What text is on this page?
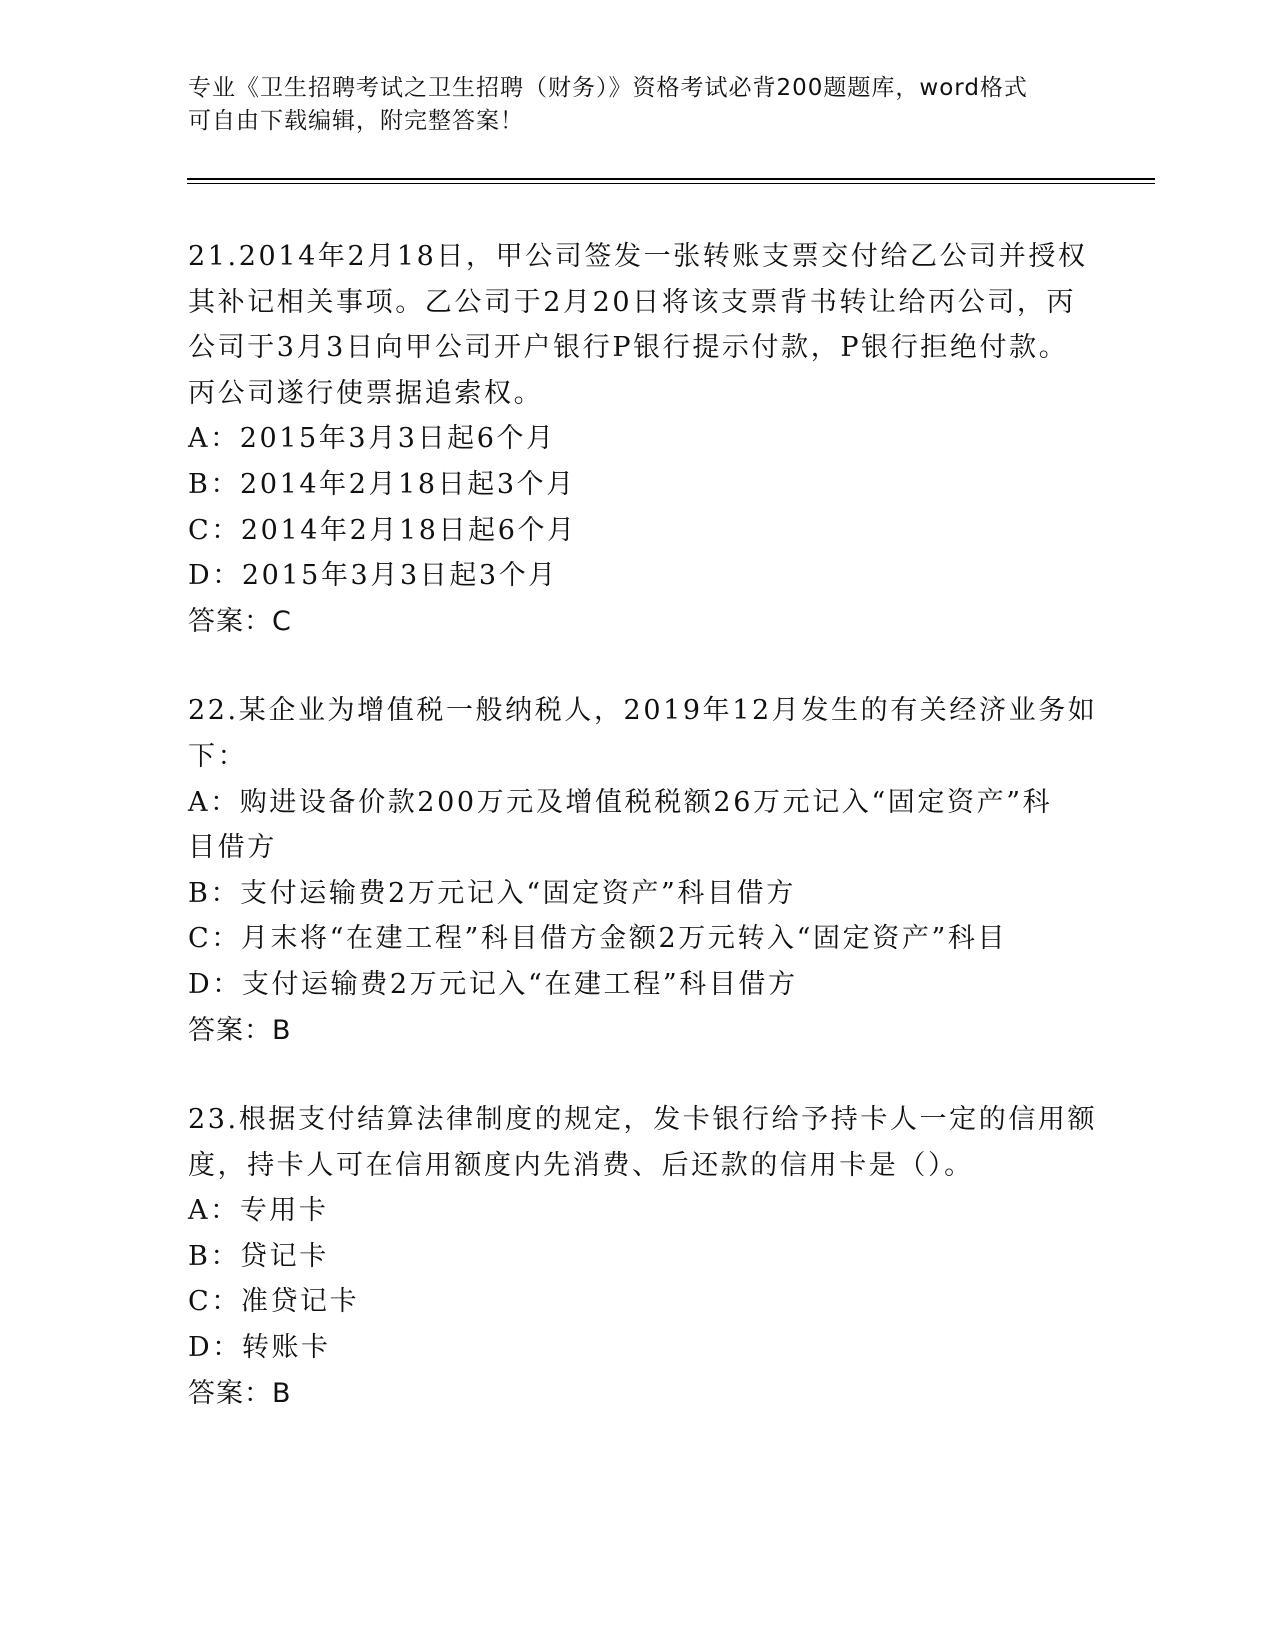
专业《卫生招聘考试之卫生招聘（财务）》资格考试必背200题题库，word格式
可自由下载编辑，附完整答案！
21.2014年2月18日，甲公司签发一张转账支票交付给乙公司并授权
其补记相关事项。乙公司于2月20日将该支票背书转让给丙公司，丙
公司于3月3日向甲公司开户银行P银行提示付款，P银行拒绝付款。
丙公司遂行使票据追索权。
A：2015年3月3日起6个月
B：2014年2月18日起3个月
C：2014年2月18日起6个月
D：2015年3月3日起3个月
答案：C
22.某企业为增值税一般纳税人，2019年12月发生的有关经济业务如
下：
A：购进设备价款200万元及增值税税额26万元记入“固定资产”科
目借方
B：支付运输费2万元记入“固定资产”科目借方
C：月末将“在建工程”科目借方金额2万元转入“固定资产”科目
D：支付运输费2万元记入“在建工程”科目借方
答案：B
23.根据支付结算法律制度的规定，发卡银行给予持卡人一定的信用额
度，持卡人可在信用额度内先消费、后还款的信用卡是（）。
A：专用卡
B：贷记卡
C：准贷记卡
D：转账卡
答案：B
